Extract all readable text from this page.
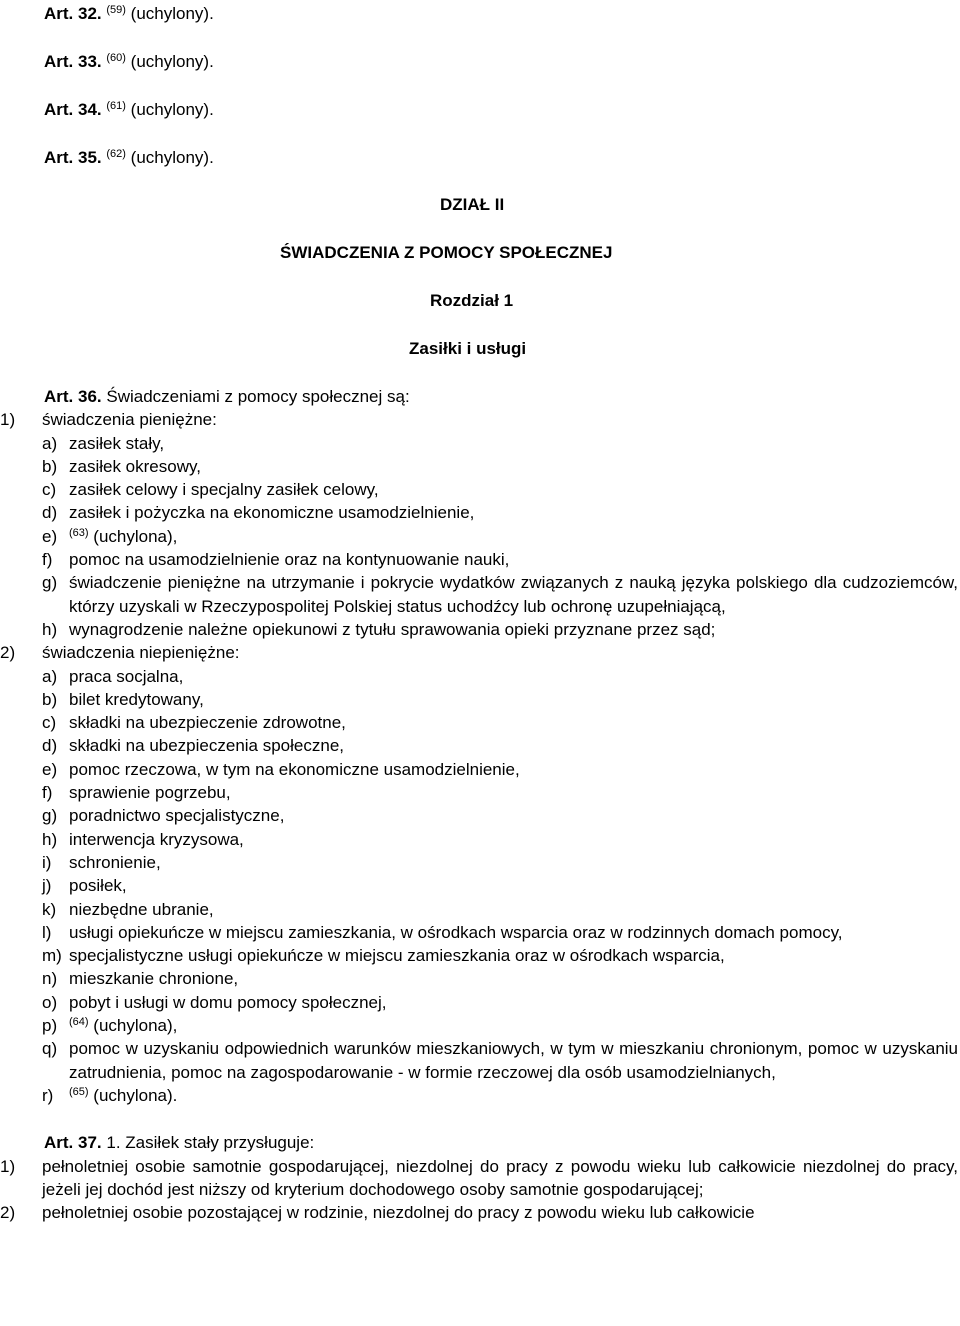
Art. 32. $^{(59)}$ (uchylony).
Art. 33. $^{(60)}$ (uchylony).
Art. 34. $^{(61)}$ (uchylony).
Art. 35. $^{(62)}$ (uchylony).
DZIAŁ II
ŚWIADCZENIA Z POMOCY SPOŁECZNEJ
Rozdział 1
Zasiłki i usługi
Art. 36. Świadczeniami z pomocy społecznej są:
1)	świadczenia pieniężne:
a) zasiłek stały,
b) zasiłek okresowy,
c) zasiłek celowy i specjalny zasiłek celowy,
d) zasiłek i pożyczka na ekonomiczne usamodzielnienie,
e) $^{(63)}$ (uchylona),
f) pomoc na usamodzielnienie oraz na kontynuowanie nauki,
g) świadczenie pieniężne na utrzymanie i pokrycie wydatków związanych z nauką języka polskiego dla cudzoziemców, którzy uzyskali w Rzeczypospolitej Polskiej status uchodźcy lub ochronę uzupełniającą,
h) wynagrodzenie należne opiekunowi z tytułu sprawowania opieki przyznane przez sąd;
2)	świadczenia niepieniężne:
a) praca socjalna,
b) bilet kredytowany,
c) składki na ubezpieczenie zdrowotne,
d) składki na ubezpieczenia społeczne,
e) pomoc rzeczowa, w tym na ekonomiczne usamodzielnienie,
f) sprawienie pogrzebu,
g) poradnictwo specjalistyczne,
h) interwencja kryzysowa,
i) schronienie,
j) posiłek,
k) niezbędne ubranie,
l) usługi opiekuńcze w miejscu zamieszkania, w ośrodkach wsparcia oraz w rodzinnych domach pomocy,
m) specjalistyczne usługi opiekuńcze w miejscu zamieszkania oraz w ośrodkach wsparcia,
n) mieszkanie chronione,
o) pobyt i usługi w domu pomocy społecznej,
p) $^{(64)}$ (uchylona),
q) pomoc w uzyskaniu odpowiednich warunków mieszkaniowych, w tym w mieszkaniu chronionym, pomoc w uzyskaniu zatrudnienia, pomoc na zagospodarowanie - w formie rzeczowej dla osób usamodzielnianych,
r) $^{(65)}$ (uchylona).
Art. 37. 1. Zasiłek stały przysługuje:
1)	pełnoletniej osobie samotnie gospodarującej, niezdolnej do pracy z powodu wieku lub całkowicie niezdolnej do pracy, jeżeli jej dochód jest niższy od kryterium dochodowego osoby samotnie gospodarującej;
2)	pełnoletniej osobie pozostającej w rodzinie, niezdolnej do pracy z powodu wieku lub całkowicie
